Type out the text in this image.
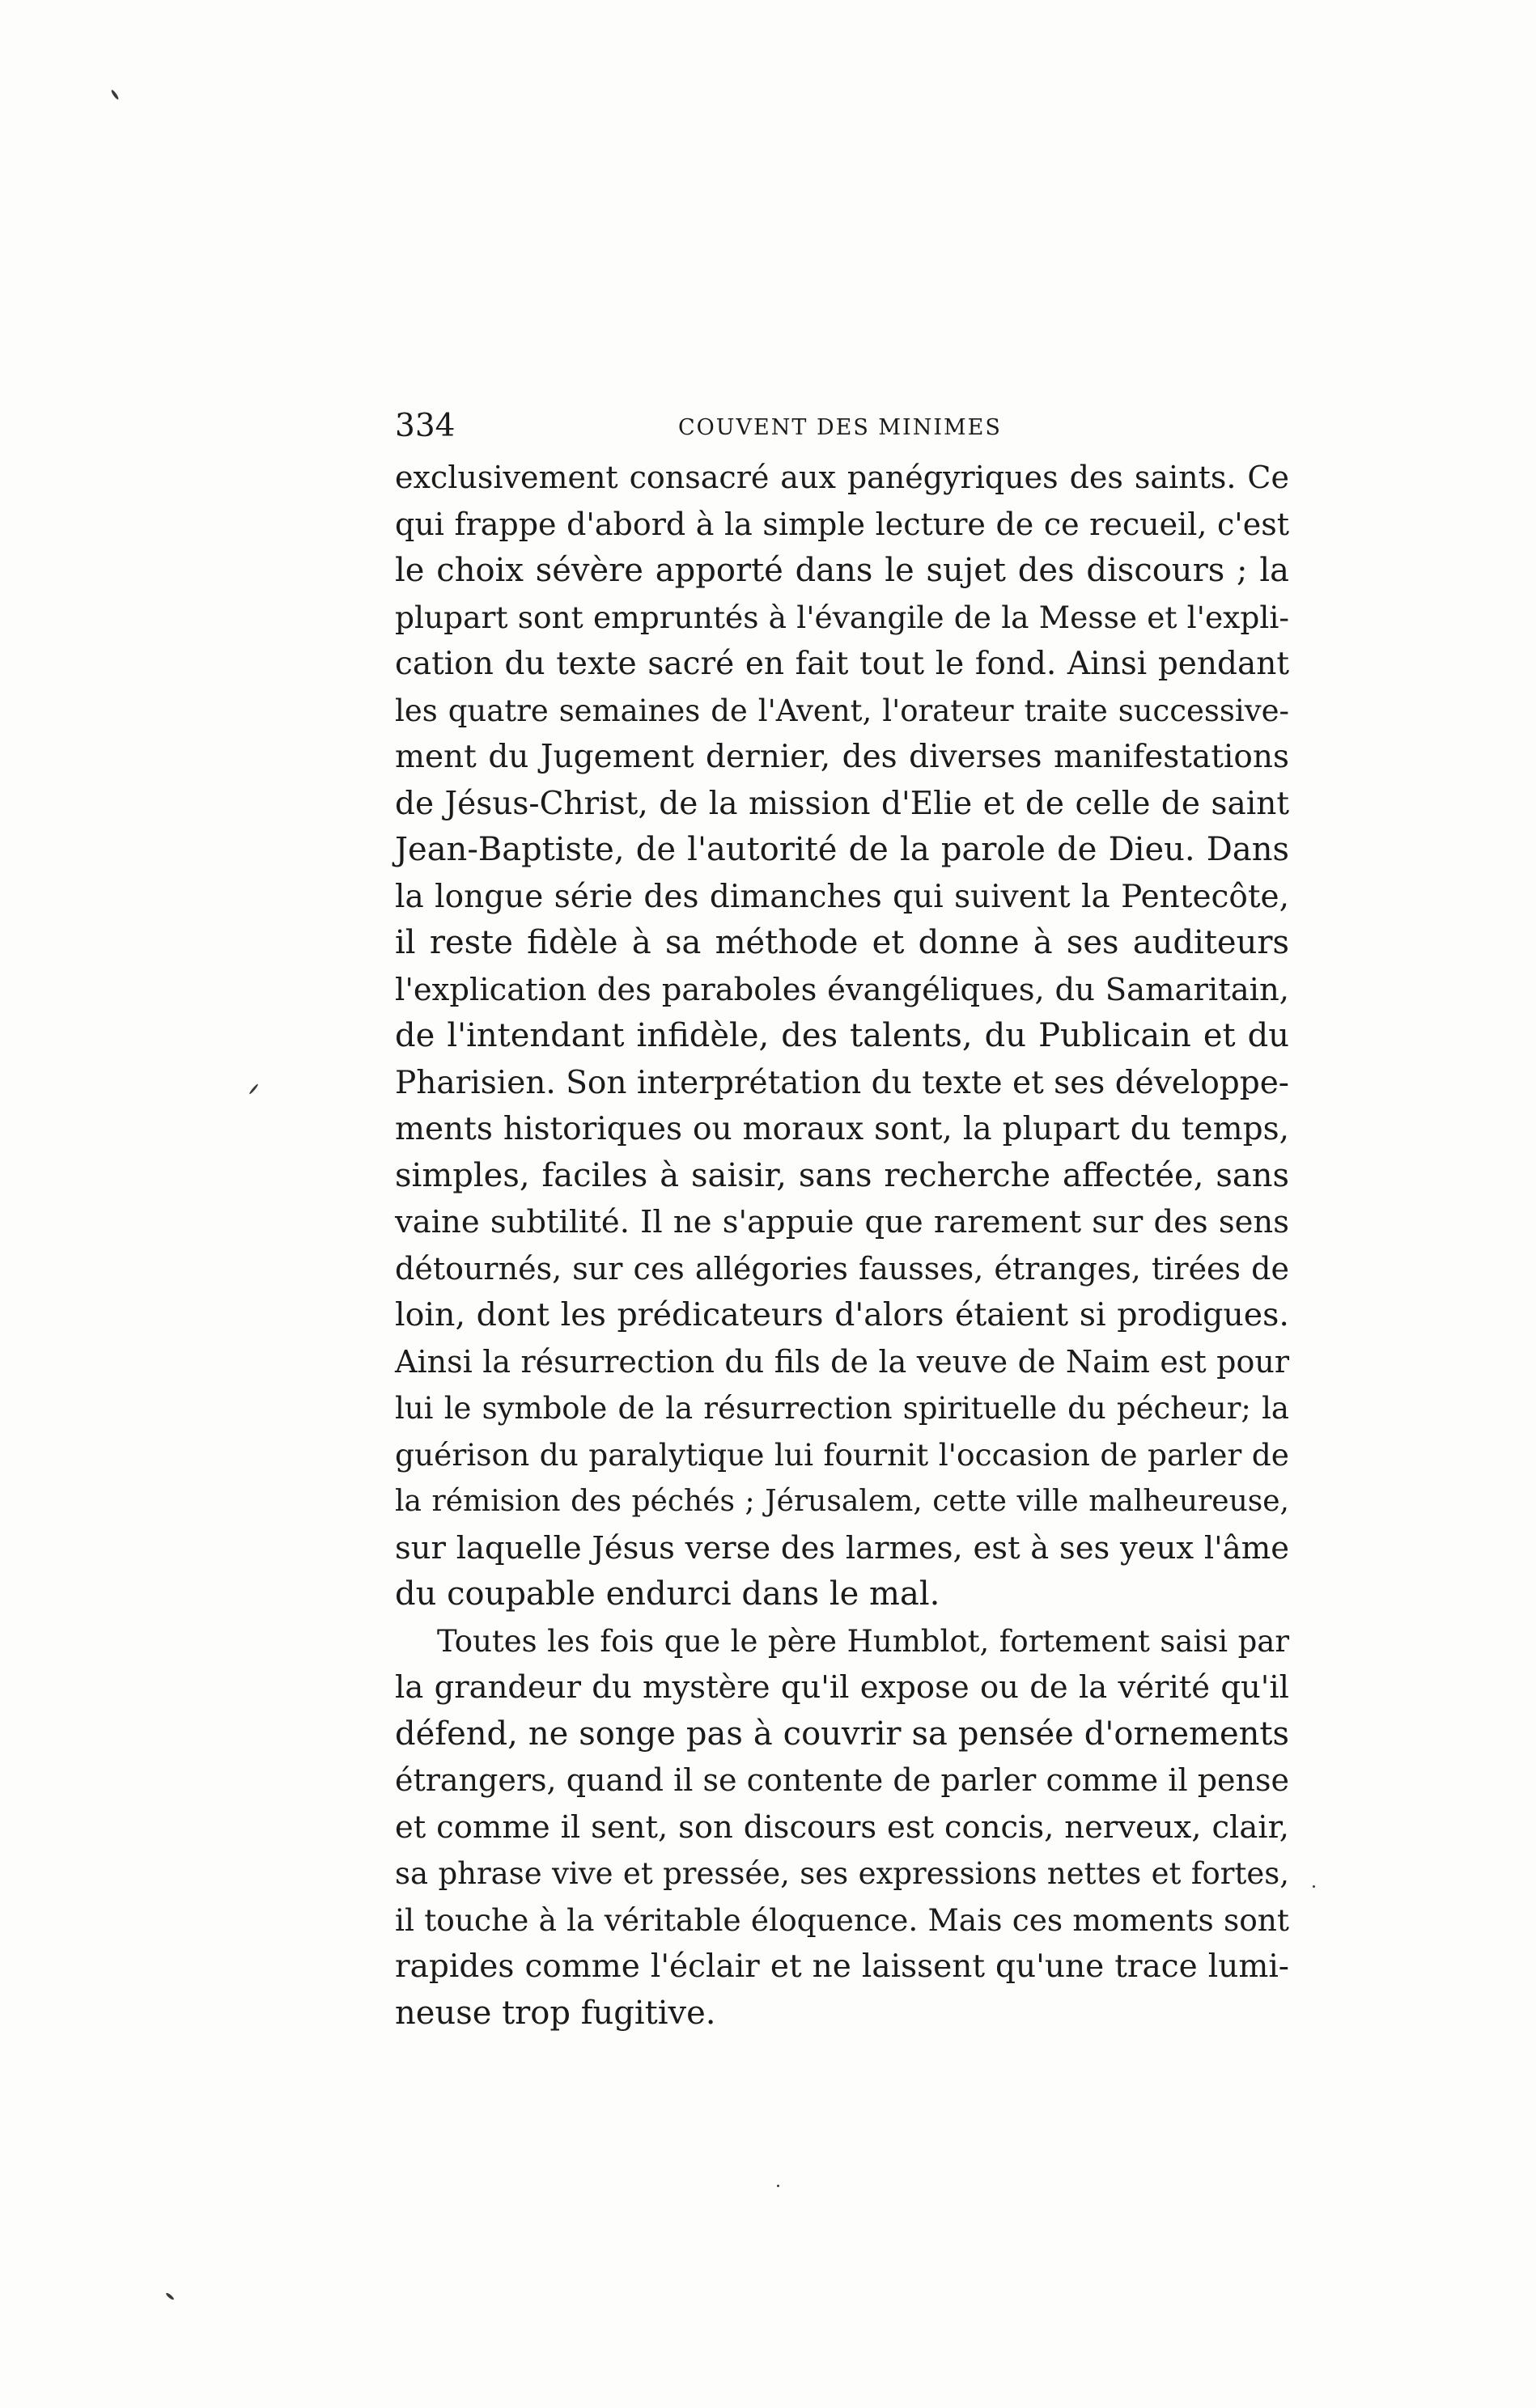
334	COUVENT DES MINIMES
exclusivement consacré aux panégyriques des saints. Ce
qui frappe d'abord à la simple lecture de ce recueil, c'est
le choix sévère apporté dans le sujet des discours ; la
plupart sont empruntés à l'évangile de la Messe et l'expli-
cation du texte sacré en fait tout le fond. Ainsi pendant
les quatre semaines de l'Avent, l'orateur traite successive-
ment du Jugement dernier, des diverses manifestations
de Jésus-Christ, de la mission d'Elie et de celle de saint
Jean-Baptiste, de l'autorité de la parole de Dieu. Dans
la longue série des dimanches qui suivent la Pentecôte,
il reste fidèle à sa méthode et donne à ses auditeurs
l'explication des paraboles évangéliques, du Samaritain,
de l'intendant infidèle, des talents, du Publicain et du
Pharisien. Son interprétation du texte et ses développe-
ments historiques ou moraux sont, la plupart du temps,
simples, faciles à saisir, sans recherche affectée, sans
vaine subtilité. Il ne s'appuie que rarement sur des sens
détournés, sur ces allégories fausses, étranges, tirées de
loin, dont les prédicateurs d'alors étaient si prodigues.
Ainsi la résurrection du fils de la veuve de Naim est pour
lui le symbole de la résurrection spirituelle du pécheur; la
guérison du paralytique lui fournit l'occasion de parler de
la rémision des péchés ; Jérusalem, cette ville malheureuse,
sur laquelle Jésus verse des larmes, est à ses yeux l'âme
du coupable endurci dans le mal.
Toutes les fois que le père Humblot, fortement saisi par
la grandeur du mystère qu'il expose ou de la vérité qu'il
défend, ne songe pas à couvrir sa pensée d'ornements
étrangers, quand il se contente de parler comme il pense
et comme il sent, son discours est concis, nerveux, clair,
sa phrase vive et pressée, ses expressions nettes et fortes,
il touche à la véritable éloquence. Mais ces moments sont
rapides comme l'éclair et ne laissent qu'une trace lumi-
neuse trop fugitive.
